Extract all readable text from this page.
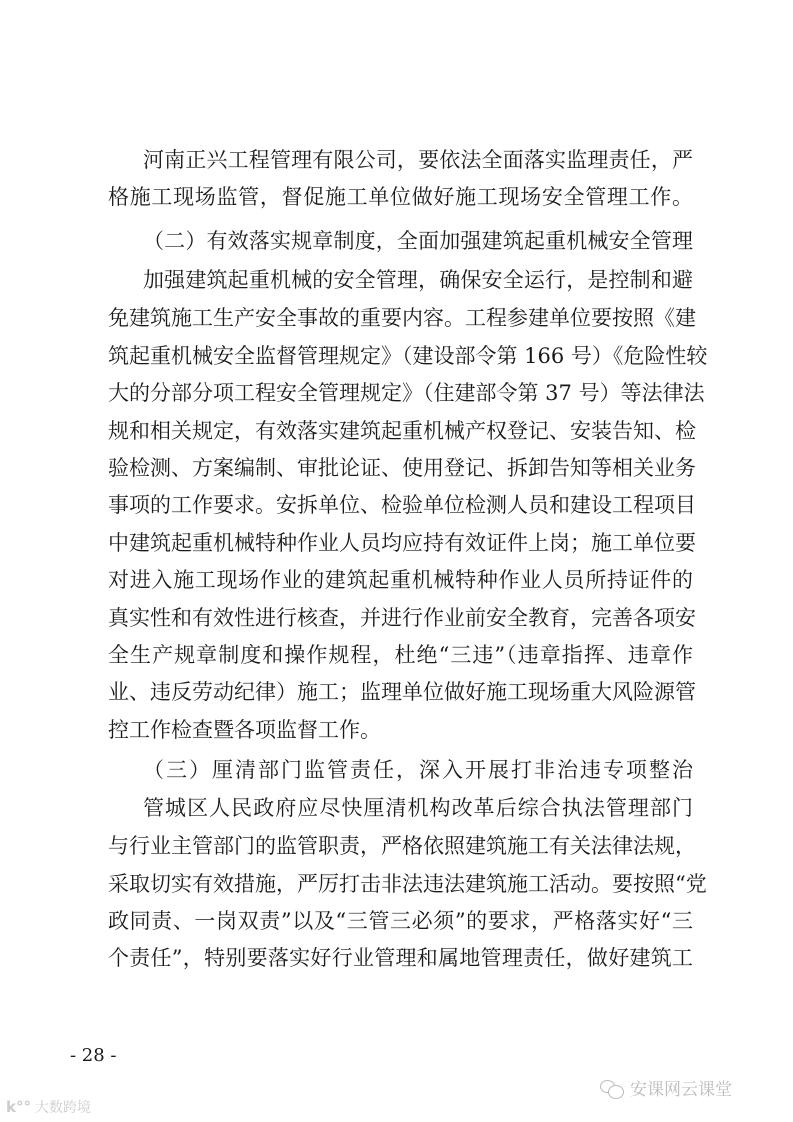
河南正兴工程管理有限公司，要依法全面落实监理责任，严
格施工现场监管，督促施工单位做好施工现场安全管理工作。
（二）有效落实规章制度，全面加强建筑起重机械安全管理
加强建筑起重机械的安全管理，确保安全运行，是控制和避
免建筑施工生产安全事故的重要内容。工程参建单位要按照《建
筑起重机械安全监督管理规定》（建设部令第 166 号）《危险性较
大的分部分项工程安全管理规定》（住建部令第 37 号）等法律法
规和相关规定，有效落实建筑起重机械产权登记、安装告知、检
验检测、方案编制、审批论证、使用登记、拆卸告知等相关业务
事项的工作要求。安拆单位、检验单位检测人员和建设工程项目
中建筑起重机械特种作业人员均应持有效证件上岗；施工单位要
对进入施工现场作业的建筑起重机械特种作业人员所持证件的
真实性和有效性进行核查，并进行作业前安全教育，完善各项安
全生产规章制度和操作规程，杜绝“三违”（违章指挥、违章作
业、违反劳动纪律）施工；监理单位做好施工现场重大风险源管
控工作检查暨各项监督工作。
（三）厘清部门监管责任，深入开展打非治违专项整治
管城区人民政府应尽快厘清机构改革后综合执法管理部门
与行业主管部门的监管职责，严格依照建筑施工有关法律法规，
采取切实有效措施，严厉打击非法违法建筑施工活动。要按照“党
政同责、一岗双责”以及“三管三必须”的要求，严格落实好“三
个责任”，特别要落实好行业管理和属地管理责任，做好建筑工
- 28 -
安课网云课堂
k°° 大数跨境
